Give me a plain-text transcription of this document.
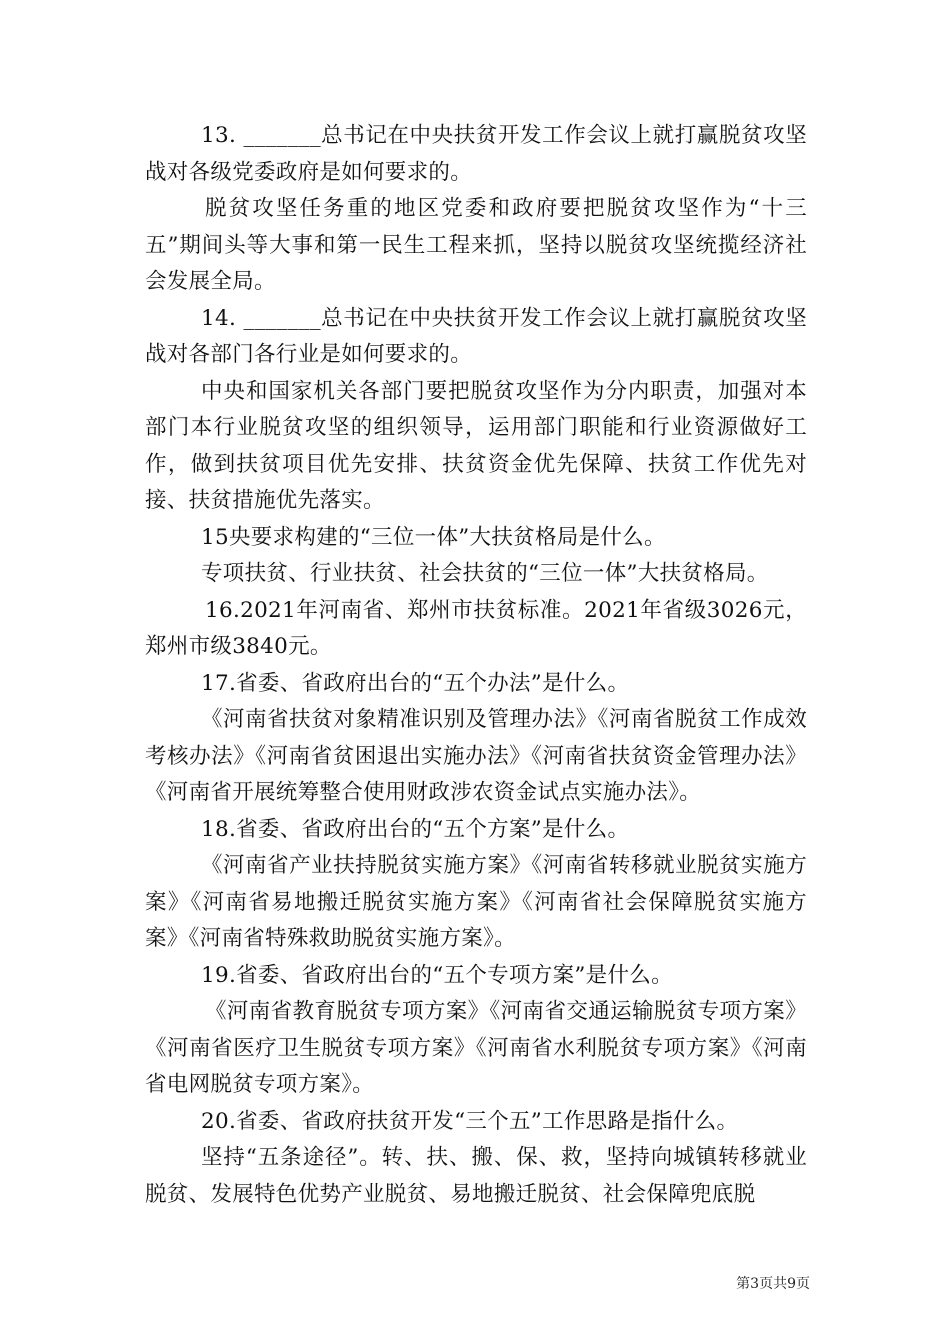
13. _______总书记在中央扶贫开发工作会议上就打赢脱贫攻坚战对各级党委政府是如何要求的。

脱贫攻坚任务重的地区党委和政府要把脱贫攻坚作为“十三五”期间头等大事和第一民生工程来抓，坚持以脱贫攻坚统揽经济社会发展全局。

14. _______总书记在中央扶贫开发工作会议上就打赢脱贫攻坚战对各部门各行业是如何要求的。

中央和国家机关各部门要把脱贫攻坚作为分内职责，加强对本部门本行业脱贫攻坚的组织领导，运用部门职能和行业资源做好工作，做到扶贫项目优先安排、扶贫资金优先保障、扶贫工作优先对接、扶贫措施优先落实。

15央要求构建的“三位一体”大扶贫格局是什么。

专项扶贫、行业扶贫、社会扶贫的“三位一体”大扶贫格局。

16.2021年河南省、郑州市扶贫标准。2021年省级3026元，郑州市级3840元。

17.省委、省政府出台的“五个办法”是什么。

《河南省扶贫对象精准识别及管理办法》《河南省脱贫工作成效考核办法》《河南省贫困退出实施办法》《河南省扶贫资金管理办法》《河南省开展统筹整合使用财政涉农资金试点实施办法》。

18.省委、省政府出台的“五个方案”是什么。

《河南省产业扶持脱贫实施方案》《河南省转移就业脱贫实施方案》《河南省易地搬迁脱贫实施方案》《河南省社会保障脱贫实施方案》《河南省特殊救助脱贫实施方案》。

19.省委、省政府出台的“五个专项方案”是什么。

《河南省教育脱贫专项方案》《河南省交通运输脱贫专项方案》《河南省医疗卫生脱贫专项方案》《河南省水利脱贫专项方案》《河南省电网脱贫专项方案》。

20.省委、省政府扶贫开发“三个五”工作思路是指什么。

坚持“五条途径”。转、扶、搬、保、救，坚持向城镇转移就业脱贫、发展特色优势产业脱贫、易地搬迁脱贫、社会保障兜底脱

第3页共9页
